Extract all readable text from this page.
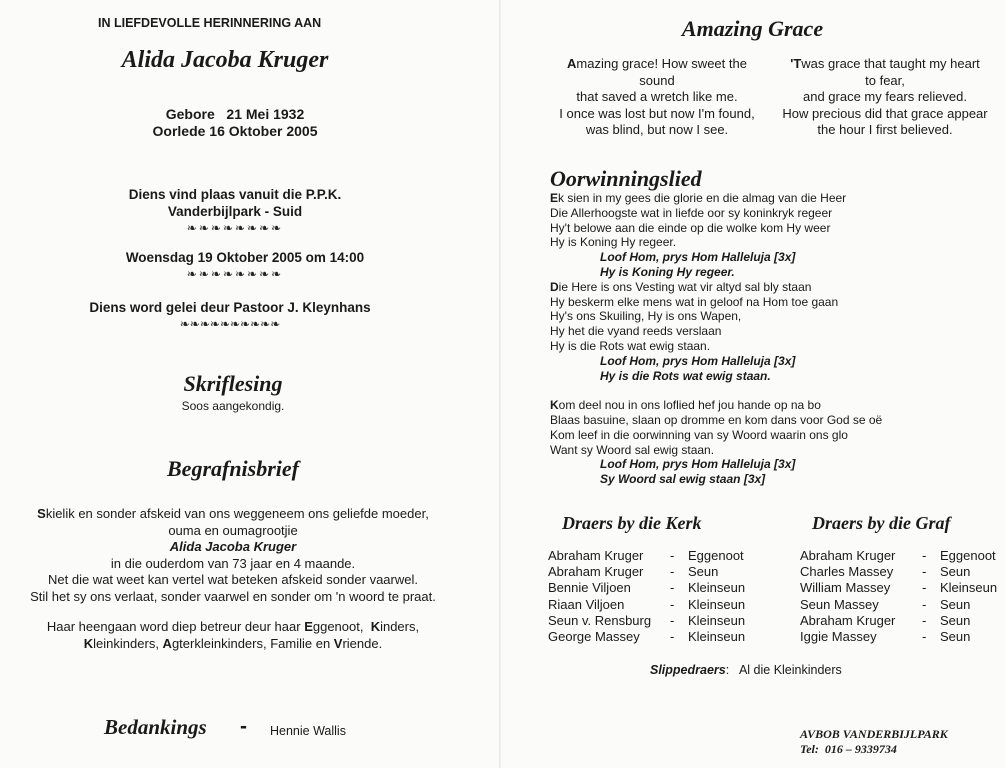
IN LIEFDEVOLLE HERINNERING AAN
Alida Jacoba Kruger
Gebore   21 Mei 1932
Oorlede 16 Oktober 2005
Diens vind plaas vanuit die P.P.K.
Vanderbijlpark - Suid
❧❧❧❧❧❧❧❧
Woensdag 19 Oktober 2005 om 14:00
❧❧❧❧❧❧❧❧
Diens word gelei deur Pastoor J. Kleynhans
❧❧❧❧❧❧❧❧❧❧
Skriflesing
Soos aangekondig.
Begrafnisbrief
Skielik en sonder afskeid van ons weggeneem ons geliefde moeder,
ouma en oumagrootjie
Alida Jacoba Kruger
in die ouderdom van 73 jaar en 4 maande.
Net die wat weet kan vertel wat beteken afskeid sonder vaarwel.
Stil het sy ons verlaat, sonder vaarwel en sonder om 'n woord te praat.
Haar heengaan word diep betreur deur haar Eggenoot,  Kinders,
Kleinkinders, Agterkleinkinders, Familie en Vriende.
Bedankings - Hennie Wallis
Amazing Grace
Amazing grace! How sweet the
sound
that saved a wretch like me.
I once was lost but now I'm found,
was blind, but now I see.
'Twas grace that taught my heart
to fear,
and grace my fears relieved.
How precious did that grace appear
the hour I first believed.
Oorwinningslied
Ek sien in my gees die glorie en die almag van die Heer
Die Allerhoogste wat in liefde oor sy koninkryk regeer
Hy't belowe aan die einde op die wolke kom Hy weer
Hy is Koning Hy regeer.
Loof Hom, prys Hom Halleluja [3x]
Hy is Koning Hy regeer.
Die Here is ons Vesting wat vir altyd sal bly staan
Hy beskerm elke mens wat in geloof na Hom toe gaan
Hy's ons Skuiling, Hy is ons Wapen,
Hy het die vyand reeds verslaan
Hy is die Rots wat ewig staan.
Loof Hom, prys Hom Halleluja [3x]
Hy is die Rots wat ewig staan.
Kom deel nou in ons loflied hef jou hande op na bo
Blaas basuine, slaan op dromme en kom dans voor God se oë
Kom leef in die oorwinning van sy Woord waarin ons glo
Want sy Woord sal ewig staan.
Loof Hom, prys Hom Halleluja [3x]
Sy Woord sal ewig staan [3x]
Draers by die Kerk	Draers by die Graf
Abraham Kruger	-	Eggenoot
Abraham Kruger	-	Seun
Bennie Viljoen	-	Kleinseun
Riaan Viljoen	-	Kleinseun
Seun v. Rensburg	-	Kleinseun
George Massey	-	Kleinseun
Abraham Kruger	-	Eggenoot
Charles Massey	-	Seun
William Massey	-	Kleinseun
Seun Massey	-	Seun
Abraham Kruger	-	Seun
Iggie Massey	-	Seun
Slippedraers: Al die Kleinkinders
AVBOB VANDERBIJLPARK
Tel:  016 – 9339734
